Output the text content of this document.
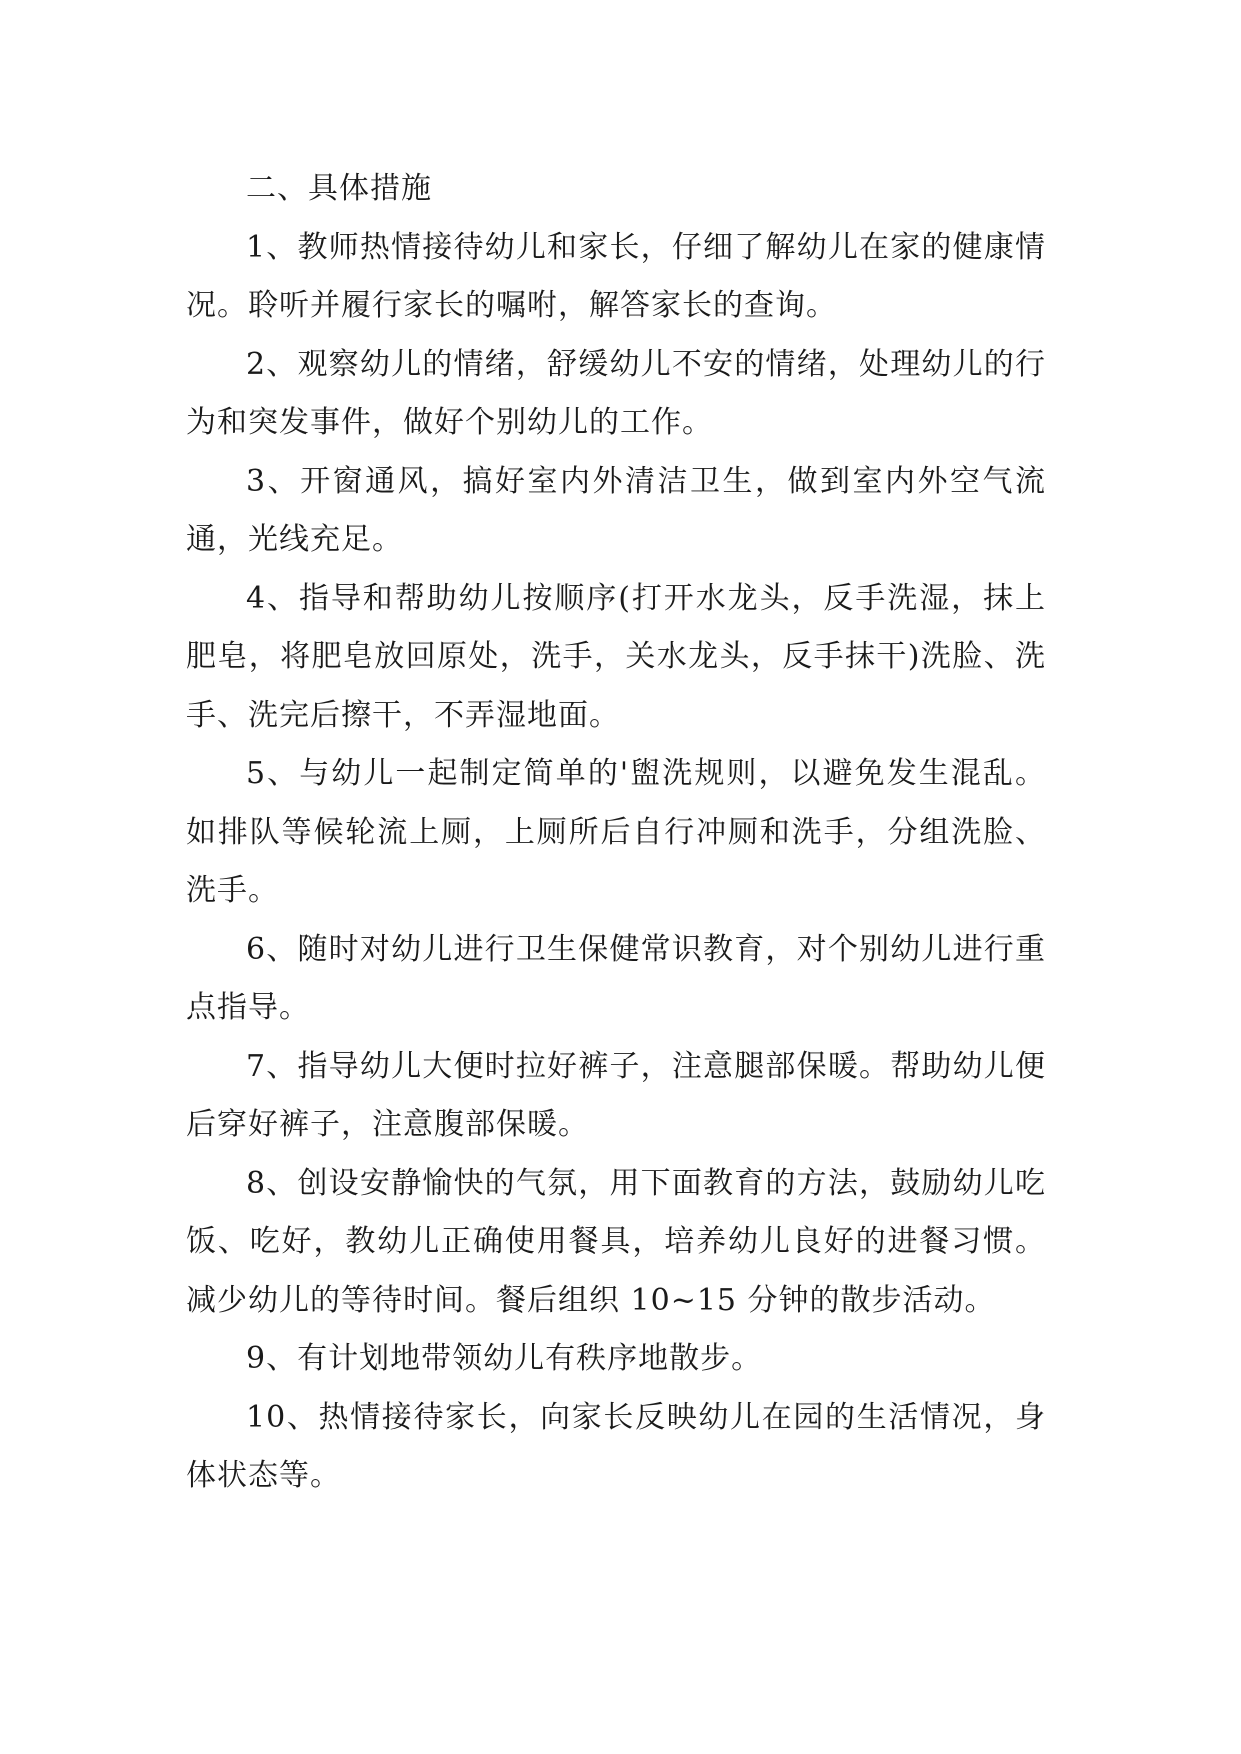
二、具体措施

1、教师热情接待幼儿和家长，仔细了解幼儿在家的健康情况。聆听并履行家长的嘱咐，解答家长的查询。

2、观察幼儿的情绪，舒缓幼儿不安的情绪，处理幼儿的行为和突发事件，做好个别幼儿的工作。

3、开窗通风，搞好室内外清洁卫生，做到室内外空气流通，光线充足。

4、指导和帮助幼儿按顺序(打开水龙头，反手洗湿，抹上肥皂，将肥皂放回原处，洗手，关水龙头，反手抹干)洗脸、洗手、洗完后擦干，不弄湿地面。

5、与幼儿一起制定简单的'盥洗规则，以避免发生混乱。如排队等候轮流上厕，上厕所后自行冲厕和洗手，分组洗脸、洗手。

6、随时对幼儿进行卫生保健常识教育，对个别幼儿进行重点指导。

7、指导幼儿大便时拉好裤子，注意腿部保暖。帮助幼儿便后穿好裤子，注意腹部保暖。

8、创设安静愉快的气氛，用下面教育的方法，鼓励幼儿吃饭、吃好，教幼儿正确使用餐具，培养幼儿良好的进餐习惯。减少幼儿的等待时间。餐后组织 10~15 分钟的散步活动。

9、有计划地带领幼儿有秩序地散步。

10、热情接待家长，向家长反映幼儿在园的生活情况，身体状态等。
